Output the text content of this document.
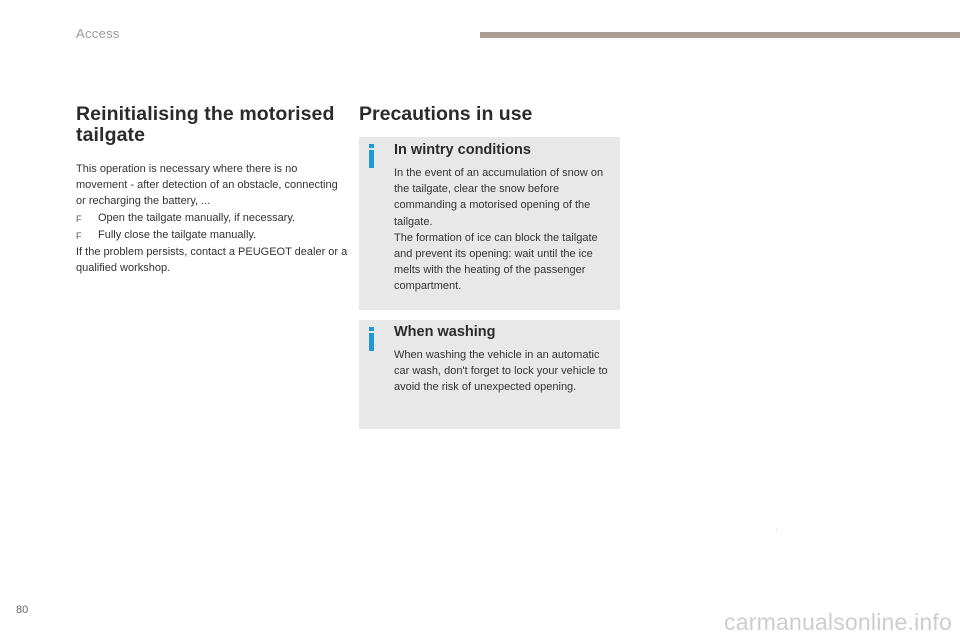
Access
Reinitialising the motorised tailgate

This operation is necessary where there is no movement - after detection of an obstacle, connecting or recharging the battery, ...

F	Open the tailgate manually, if necessary.
F	Fully close the tailgate manually.

If the problem persists, contact a PEUGEOT dealer or a qualified workshop.

Precautions in use
In wintry conditions

In the event of an accumulation of snow on the tailgate, clear the snow before commanding a motorised opening of the tailgate.

The formation of ice can block the tailgate and prevent its opening: wait until the ice melts with the heating of the passenger compartment.

When washing

When washing the vehicle in an automatic car wash, don't forget to lock your vehicle to avoid the risk of unexpected opening.

80	carmanualsonline.info
